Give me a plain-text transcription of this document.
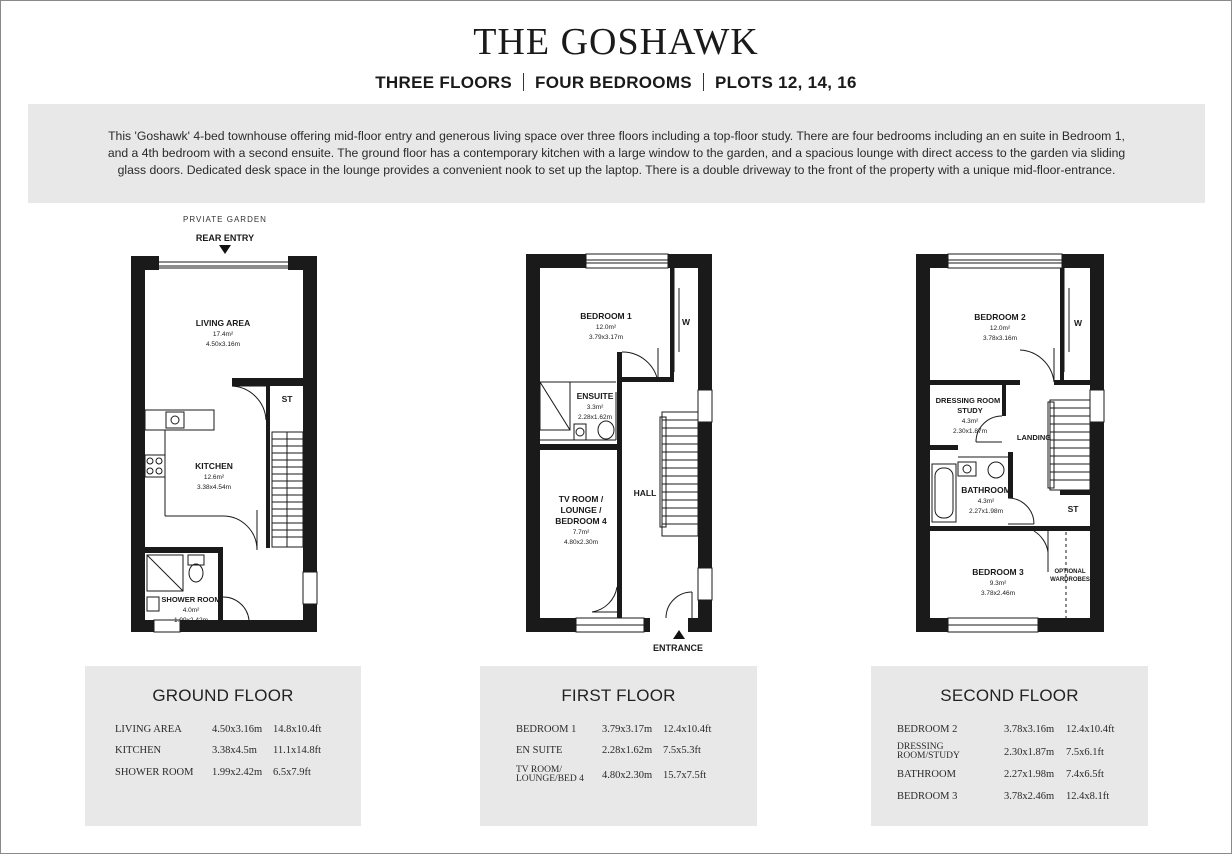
THE GOSHAWK
THREE FLOORS FOUR BEDROOMS PLOTS 12, 14, 16
This 'Goshawk' 4-bed townhouse offering mid-floor entry and generous living space over three floors including a top-floor study. There are four bedrooms including an en suite in Bedroom 1, and a 4th bedroom with a second ensuite. The ground floor has a contemporary kitchen with a large window to the garden, and a spacious lounge with direct access to the garden via sliding glass doors. Dedicated desk space in the lounge provides a convenient nook to set up the laptop. There is a double driveway to the front of the property with a unique mid-floor-entrance.
PRVIATE GARDEN
REAR ENTRY
LIVING AREA
17.4m²
4.50x3.16m
ST
KITCHEN
12.6m²
3.38x4.54m
SHOWER ROOM
4.0m²
1.99x2.42m
BEDROOM 1
12.0m²
3.79x3.17m
W
ENSUITE
3.3m²
2.28x1.62m
TV ROOM /
LOUNGE /
BEDROOM 4
7.7m²
4.80x2.30m
HALL
ENTRANCE
BEDROOM 2
12.0m²
3.78x3.16m
W
DRESSING ROOM /
STUDY
4.3m²
2.30x1.87m
LANDING
BATHROOM
4.3m²
2.27x1.98m	ST
BEDROOM 3
9.3m²
3.78x2.46m
OPTIONAL
WARDROBES
GROUND FLOOR
LIVING AREA	4.50x3.16m 14.8x10.4ft
KITCHEN	3.38x4.5m 11.1x14.8ft
SHOWER ROOM 1.99x2.42m 6.5x7.9ft
FIRST FLOOR
BEDROOM 1 3.79x3.17m 12.4x10.4ft
EN SUITE	2.28x1.62m 7.5x5.3ft
TV ROOM/
LOUNGE/BED 4	4.80x2.30m 15.7x7.5ft
SECOND FLOOR
BEDROOM 2	3.78x3.16m 12.4x10.4ft
DRESSING
ROOM/STUDY	2.30x1.87m 7.5x6.1ft
BATHROOM	2.27x1.98m 7.4x6.5ft
BEDROOM 3	3.78x2.46m 12.4x8.1ft
